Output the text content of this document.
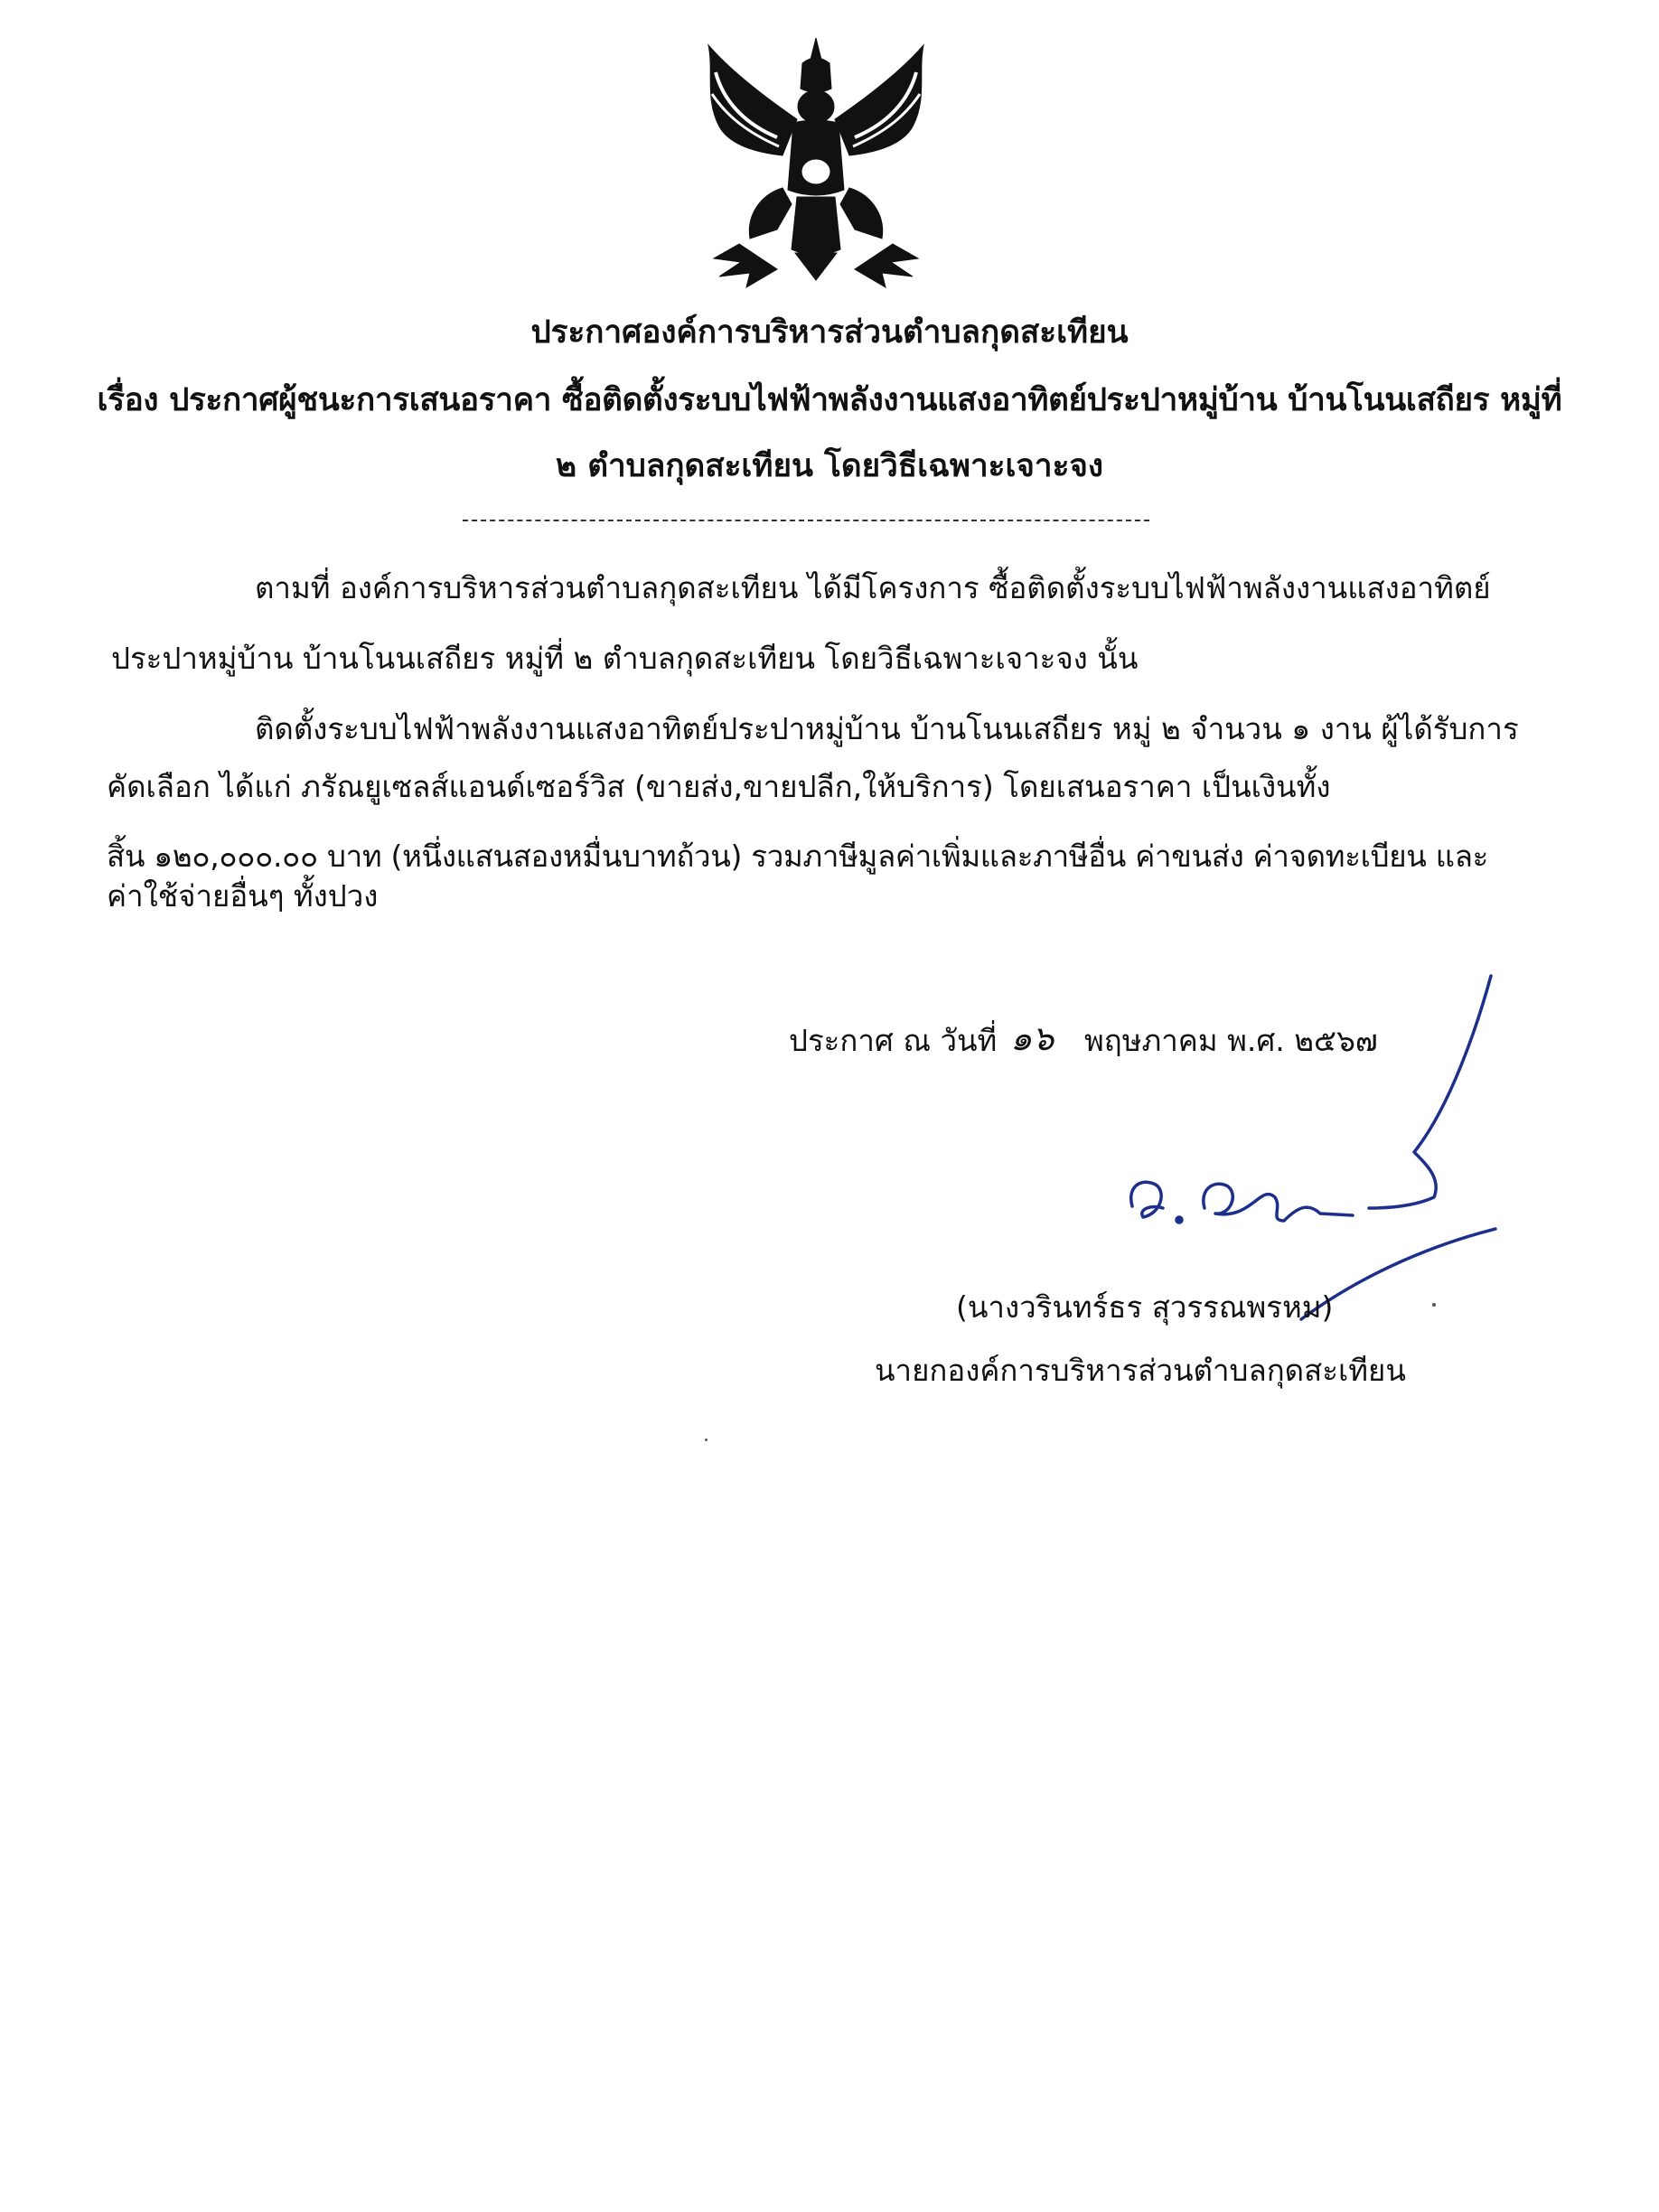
ประกาศองค์การบริหารส่วนตำบลกุดสะเทียน
เรื่อง ประกาศผู้ชนะการเสนอราคา ซื้อติดตั้งระบบไฟฟ้าพลังงานแสงอาทิตย์ประปาหมู่บ้าน บ้านโนนเสถียร หมู่ที่
๒ ตำบลกุดสะเทียน โดยวิธีเฉพาะเจาะจง
ตามที่ องค์การบริหารส่วนตำบลกุดสะเทียน ได้มีโครงการ ซื้อติดตั้งระบบไฟฟ้าพลังงานแสงอาทิตย์
ประปาหมู่บ้าน บ้านโนนเสถียร หมู่ที่ ๒ ตำบลกุดสะเทียน โดยวิธีเฉพาะเจาะจง นั้น
ติดตั้งระบบไฟฟ้าพลังงานแสงอาทิตย์ประปาหมู่บ้าน บ้านโนนเสถียร หมู่ ๒ จำนวน ๑ งาน ผู้ได้รับการ
คัดเลือก ได้แก่ ภรัณยูเซลส์แอนด์เซอร์วิส (ขายส่ง,ขายปลีก,ให้บริการ) โดยเสนอราคา เป็นเงินทั้ง
สิ้น ๑๒๐,๐๐๐.๐๐ บาท (หนึ่งแสนสองหมื่นบาทถ้วน) รวมภาษีมูลค่าเพิ่มและภาษีอื่น ค่าขนส่ง ค่าจดทะเบียน และ
ค่าใช้จ่ายอื่นๆ ทั้งปวง
ประกาศ ณ วันที่ ๑๖ พฤษภาคม พ.ศ. ๒๕๖๗
(นางวรินทร์ธร สุวรรณพรหม)
นายกองค์การบริหารส่วนตำบลกุดสะเทียน
